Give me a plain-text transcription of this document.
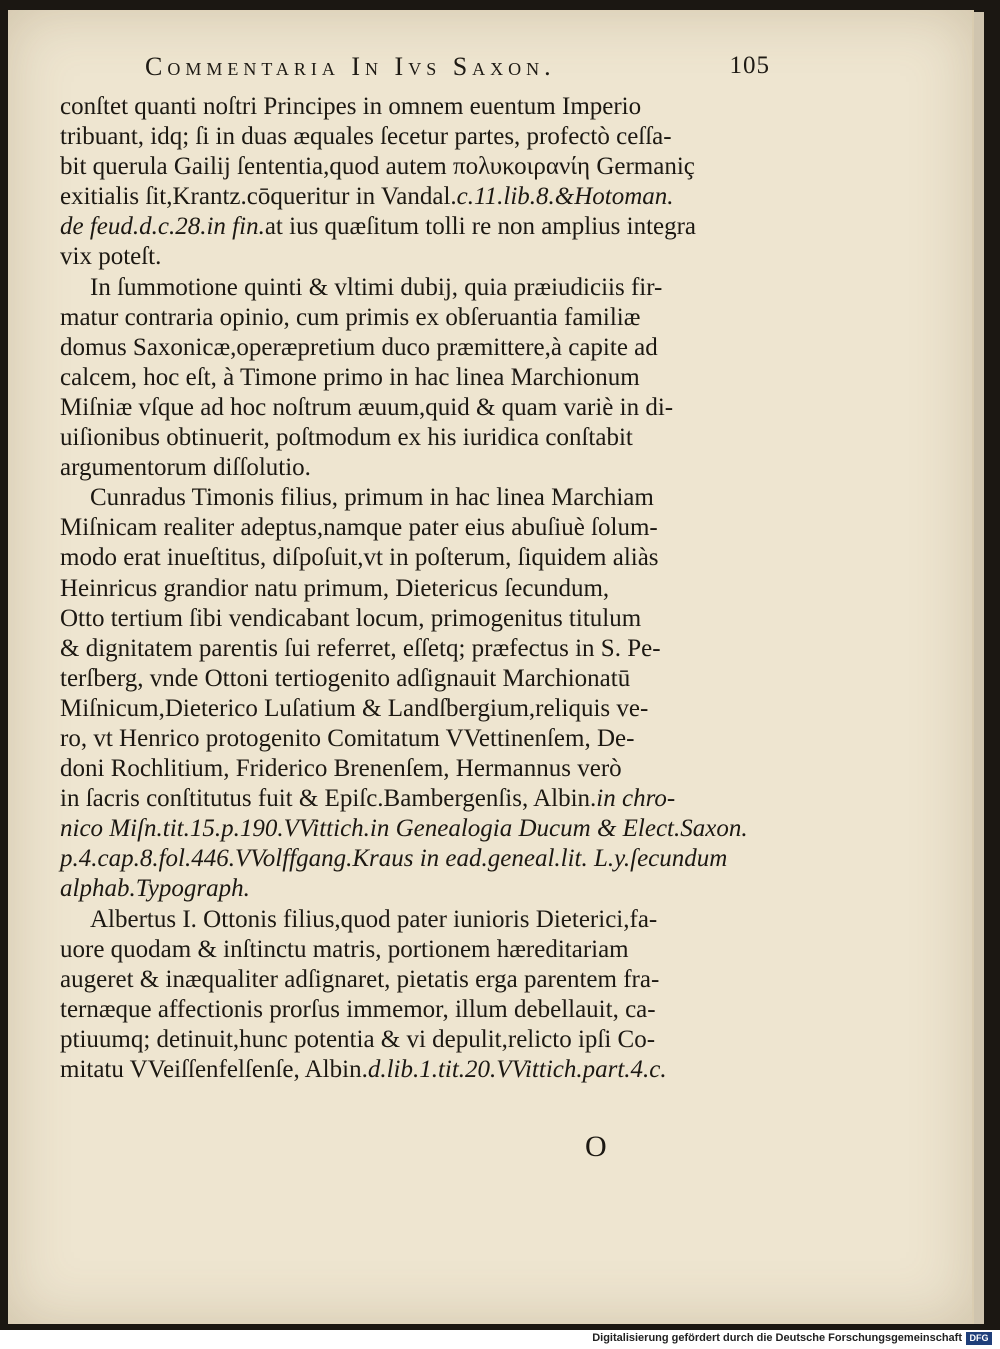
Commentaria In Ivs Saxon.	105
conſtet quanti noſtri Principes in omnem euentum Imperio
tribuant, idq; ſi in duas æquales ſecetur partes, profectò ceſſa-
bit querula Gailij ſententia,quod autem πολυκοιρανίη Germaniç
exitialis ſit,Krantz.cōqueritur in Vandal.c.11.lib.8.&Hotoman.
de feud.d.c.28.in fin.at ius quæſitum tolli re non amplius integra
vix poteſt.
In ſummotione quinti & vltimi dubij, quia præiudiciis fir-
matur contraria opinio, cum primis ex obſeruantia familiæ
domus Saxonicæ,operæpretium duco præmittere,à capite ad
calcem, hoc eſt, à Timone primo in hac linea Marchionum
Miſniæ vſque ad hoc noſtrum æuum,quid & quam variè in di-
uiſionibus obtinuerit, poſtmodum ex his iuridica conſtabit
argumentorum diſſolutio.
Cunradus Timonis filius, primum in hac linea Marchiam
Miſnicam realiter adeptus,namque pater eius abuſiuè ſolum-
modo erat inueſtitus, diſpoſuit,vt in poſterum, ſiquidem aliàs
Heinricus grandior natu primum, Dietericus ſecundum,
Otto tertium ſibi vendicabant locum, primogenitus titulum
& dignitatem parentis ſui referret, eſſetq; præfectus in S. Pe-
terſberg, vnde Ottoni tertiogenito adſignauit Marchionatū
Miſnicum,Dieterico Luſatium & Landſbergium,reliquis ve-
ro, vt Henrico protogenito Comitatum VVettinenſem, De-
doni Rochlitium, Friderico Brenenſem, Hermannus verò
in ſacris conſtitutus fuit & Epiſc.Bambergenſis, Albin.in chro-
nico Miſn.tit.15.p.190.VVittich.in Genealogia Ducum & Elect.Saxon.
p.4.cap.8.fol.446.VVolffgang.Kraus in ead.geneal.lit. L.y.ſecundum
alphab.Typograph.
Albertus I. Ottonis filius,quod pater iunioris Dieterici,fa-
uore quodam & inſtinctu matris, portionem hæreditariam
augeret & inæqualiter adſignaret, pietatis erga parentem fra-
ternæque affectionis prorſus immemor, illum debellauit, ca-
ptiuumq; detinuit,hunc potentia & vi depulit,relicto ipſi Co-
mitatu VVeiſſenfelſenſe, Albin.d.lib.1.tit.20.VVittich.part.4.c.
O
Digitalisierung gefördert durch die Deutsche Forschungsgemeinschaft DFG
